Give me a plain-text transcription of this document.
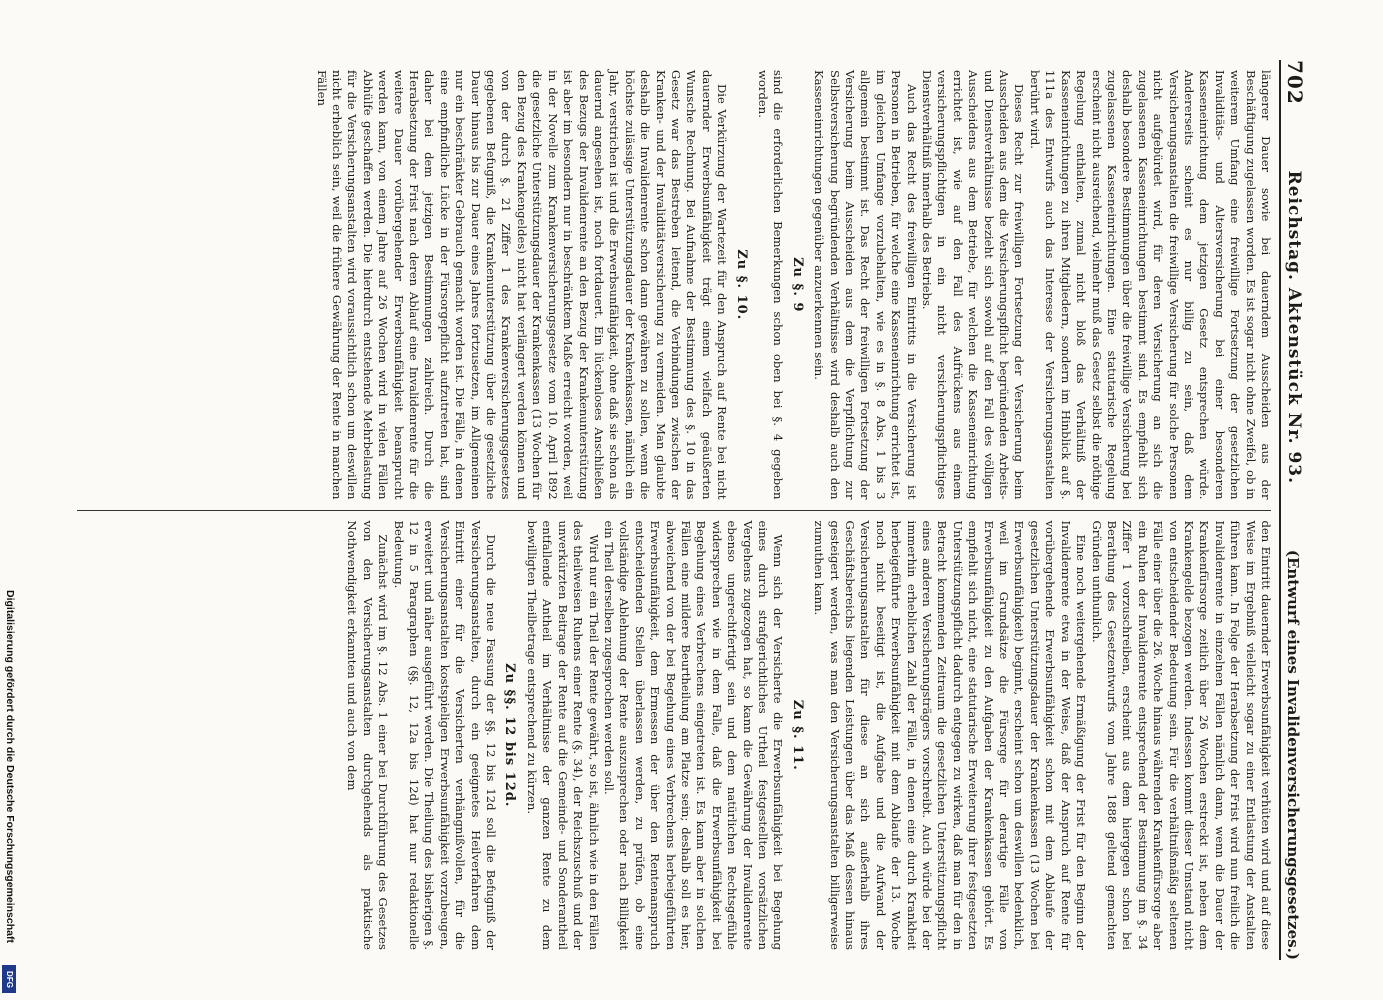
702
Reichstag. Aktenstück Nr. 93.
(Entwurf eines Invalidenversicherungsgesetzes.)

längerer Dauer sowie bei dauerndem Ausscheiden aus der Beschäftigung zugelassen worden. Es ist sogar nicht ohne Zweifel, ob in weiterem Umfang eine freiwillige Fortsetzung der gesetzlichen Invaliditäts- und Altersversicherung bei einer besonderen Kasseneinrichtung dem jetzigen Gesetz entsprechen würde. Andererseits scheint es nur billig zu sein, daß dem Versicherungsanstalten die freiwillige Versicherung für solche Personen nicht aufgebürdet wird, für deren Versicherung an sich die zugelassenen Kasseneinrichtungen bestimmt sind. Es empfiehlt sich deshalb besondere Bestimmungen über die freiwillige Versicherung bei zugelassenen Kasseneinrichtungen. Eine statutarische Regelung erscheint nicht ausreichend, vielmehr muß das Gesetz selbst die nöthige Regelung enthalten, zumal nicht bloß das Verhältniß der Kasseneinrichtungen zu ihren Mitgliedern, sondern im Hinblick auf §. 111a des Entwurfs auch das Interesse der Versicherungsanstalten berührt wird.

Dieses Recht zur freiwilligen Fortsetzung der Versicherung beim Ausscheiden aus dem die Versicherungspflicht begründenden Arbeits- und Dienstverhältnisse bezieht sich sowohl auf den Fall des völligen Ausscheidens aus dem Betriebe, für welchen die Kasseneinrichtung errichtet ist, wie auf den Fall des Aufrückens aus einem versicherungspflichtigen in ein nicht versicherungspflichtiges Dienstverhältniß innerhalb des Betriebs.

Auch das Recht des freiwilligen Eintritts in die Versicherung ist Personen in Betrieben, für welche eine Kasseneinrichtung errichtet ist, im gleichen Umfange vorzubehalten, wie es in §. 8 Abs. 1 bis 3 allgemein bestimmt ist. Das Recht der freiwilligen Fortsetzung der Versicherung beim Ausscheiden aus dem die Verpflichtung zur Selbstversicherung begründenden Verhältnisse wird deshalb auch den Kasseneinrichtungen gegenüber anzuerkennen sein.

Zu §. 9

sind die erforderlichen Bemerkungen schon oben bei §. 4 gegeben worden.

Zu §. 10.

Die Verkürzung der Wartezeit für den Anspruch auf Rente bei nicht dauernder Erwerbsunfähigkeit trägt einem vielfach geäußerten Wunsche Rechnung. Bei Aufnahme der Bestimmung des §. 10 in das Gesetz war das Bestreben leitend, die Verbindungen zwischen der Kranken- und der Invaliditätsversicherung zu vermeiden. Man glaubte deshalb die Invalidenrente schon dann gewähren zu sollen, wenn die höchste zulässige Unterstützungsdauer der Krankenkassen, nämlich ein Jahr, verstrichen ist und die Erwerbsunfähigkeit, ohne daß sie schon als dauernd angesehen ist, noch fortdauert. Ein lückenloses Anschließen des Bezugs der Invalidenrente an den Bezug der Krankenunterstützung ist aber im besondern nur in beschränktem Maße erreicht worden, weil in der Novelle zum Krankenversicherungsgesetze vom 10. April 1892 die gesetzliche Unterstützungsdauer der Krankenkassen (13 Wochen für den Bezug des Krankengeldes) nicht hat verlängert werden können und von der durch §. 21 Ziffer 1 des Krankenversicherungsgesetzes gegebenen Befugniß, die Krankenunterstützung über die gesetzliche Dauer hinaus bis zur Dauer eines Jahres fortzusetzen, im Allgemeinen nur ein beschränkter Gebrauch gemacht worden ist. Die Fälle, in denen eine empfindliche Lücke in der Fürsorgepflicht aufzutreten hat, sind daher bei dem jetzigen Bestimmungen zahlreich. Durch die Herabsetzung der Frist nach deren Ablauf eine Invalidenrente für die weitere Dauer vorübergehender Erwerbsunfähigkeit beansprucht werden kann, von einem Jahre auf 26 Wochen wird in vielen Fällen Abhülfe geschaffen werden. Die hierdurch entstehende Mehrbelastung für die Versicherungsanstalten wird voraussichtlich schon um deswillen nicht erheblich sein, weil die frühere Gewährung der Rente in manchen Fällen

den Eintritt dauernder Erwerbsunfähigkeit verhüten wird und auf diese Weise im Ergebniß vielleicht sogar zu einer Entlastung der Anstalten führen kann. In Folge der Herabsetzung der Frist wird nun freilich die Invalidenrente in einzelnen Fällen nämlich dann, wenn die Dauer der Krankenfürsorge zeitlich über 26 Wochen erstreckt ist, neben dem Krankengelde bezogen werden. Indessen kommt dieser Umstand nicht von entscheidender Bedeutung sein. Für die verhältnißmäßig seltenen Fälle einer über die 26. Woche hinaus währenden Krankenfürsorge aber ein Ruhen der Invalidenrente entsprechend der Bestimmung im §. 34 Ziffer 1 vorzuschreiben, erscheint aus dem hiergegen schon bei Berathung des Gesetzentwurfs vom Jahre 1888 geltend gemachten Gründen unthunlich.

Eine noch weitergehende Ermäßigung der Frist für den Beginn der Invalidenrente etwa in der Weise, daß der Anspruch auf Rente für vorübergehende Erwerbsunfähigkeit schon mit dem Ablaufe der gesetzlichen Unterstützungsdauer der Krankenkassen (13 Wochen bei Erwerbsunfähigkeit) beginnt, erscheint schon um deswillen bedenklich, weil im Grundsätze die Fürsorge für derartige Fälle von Erwerbsunfähigkeit zu den Aufgaben der Krankenkassen gehört. Es empfiehlt sich nicht, eine statutarische Erweiterung ihrer festgesetzten Unterstützungspflicht dadurch entgegen zu wirken, daß man für den in Betracht kommenden Zeitraum die gesetzlichen Unterstützungspflicht eines anderen Versicherungsträgers vorschreibt. Auch würde bei der immerhin erheblichen Zahl der Fälle, in denen eine durch Krankheit herbeigeführte Erwerbsunfähigkeit mit dem Ablaufe der 13. Woche noch nicht beseitigt ist, die Aufgabe und die Aufwand der Versicherungsanstalten für diese an sich außerhalb ihres Geschäftsbereichs liegenden Leistungen über das Maß dessen hinaus gesteigert werden, was man den Versicherungsanstalten billigerweise zumuthen kann.

Zu §. 11.

Wenn sich der Versicherte die Erwerbsunfähigkeit bei Begehung eines durch strafgerichtliches Urtheil festgestellten vorsätzlichen Vergehens zugezogen hat, so kann die Gewährung der Invalidenrente ebenso ungerechtfertigt sein und dem natürlichen Rechtsgefühle widersprechen wie in dem Falle, daß die Erwerbsunfähigkeit bei Begehung eines Verbrechens eingetreten ist. Es kann aber in solchen Fällen eine mildere Beurtheilung am Platze sein; deshalb soll es hier, abweichend von der bei Begehung eines Verbrechens herbeigeführten Erwerbsunfähigkeit, dem Ermessen der über den Rentenanspruch entscheidenden Stellen überlassen werden, zu prüfen, ob eine vollständige Ablehnung der Rente auszusprechen oder nach Billigkeit ein Theil derselben zugesprochen werden soll.

Wird nur ein Theil der Rente gewährt, so ist, ähnlich wie in den Fällen des theilweisen Ruhens einer Rente (§. 34), der Reichszuschuß und der unverkürzten Beitrage der Rente auf die Gemeinde- und Sonderantheil entfallende Antheil im Verhältnisse der ganzen Rente zu dem bewilligten Theilbetrage entsprechend zu kürzen.

Zu §§. 12 bis 12d.

Durch die neue Fassung der §§. 12 bis 12d soll die Befugniß der Versicherungsanstalten, durch ein geeignetes Heilverfahren dem Eintritt einer für die Versicherten verhängnißvollen, für die Versicherungsanstalten kostspieligen Erwerbsunfähigkeit vorzubeugen, erweitert und näher ausgeführt werden. Die Theilung des bisherigen §. 12 in 5 Paragraphen (§§. 12, 12a bis 12d) hat nur redaktionelle Bedeutung.

Zunächst wird im §. 12 Abs. 1 einer bei Durchführung des Gesetzes von den Versicherungsanstalten durchgehends als praktische Nothwendigkeit erkannten und auch von dem

Digitalisierung gefördert durch die Deutsche Forschungsgemeinschaft
DFG
